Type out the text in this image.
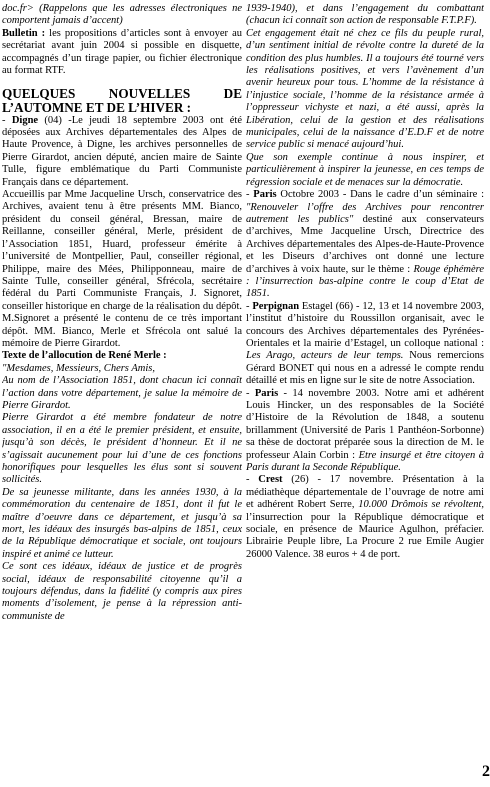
doc.fr> (Rappelons que les adresses électroniques ne comportent jamais d’accent)

Bulletin : les propositions d’articles sont à envoyer au secrétariat avant juin 2004 si possible en disquette, accompagnés d’un tirage papier, ou fichier électronique au format RTF.

QUELQUES NOUVELLES DE L’AUTOMNE ET DE L’HIVER :

- Digne (04) -Le jeudi 18 septembre 2003 ont été déposées aux Archives départementales des Alpes de Haute Provence, à Digne, les archives personnelles de Pierre Girardot, ancien député, ancien maire de Sainte Tulle, figure emblématique du Parti Communiste Français dans ce département.

Accueillis par Mme Jacqueline Ursch, conservatrice des Archives, avaient tenu à être présents MM. Bianco, président du conseil général, Bressan, maire de Reillanne, conseiller général, Merle, président de l’Association 1851, Huard, professeur émérite à l’université de Montpellier, Paul, conseiller régional, Philippe, maire des Mées, Philipponneau, maire de Sainte Tulle, conseiller général, Sfrécola, secrétaire fédéral du Parti Communiste Français, J. Signoret, conseiller historique en charge de la réalisation du dépôt. M.Signoret a présenté le contenu de ce très important dépôt. MM. Bianco, Merle et Sfrécola ont salué la mémoire de Pierre Girardot.

Texte de l’allocution de René Merle :

"Mesdames, Messieurs, Chers Amis,

Au nom de l’Association 1851, dont chacun ici connaît l’action dans votre département, je salue la mémoire de Pierre Girardot.

Pierre Girardot a été membre fondateur de notre association, il en a été le premier président, et ensuite, jusqu’à son décès, le président d’honneur. Et il ne s’agissait aucunement pour lui d’une de ces fonctions honorifiques pour lesquelles les élus sont si souvent sollicités.

De sa jeunesse militante, dans les années 1930, à la commémoration du centenaire de 1851, dont il fut le maître d’oeuvre dans ce département, et jusqu’à sa mort, les idéaux des insurgés bas-alpins de 1851, ceux de la République démocratique et sociale, ont toujours inspiré et animé ce lutteur.

Ce sont ces idéaux, idéaux de justice et de progrès social, idéaux de responsabilité citoyenne qu’il a toujours défendus, dans la fidélité (y compris aux pires moments d’isolement, je pense à la répression anti-communiste de

1939-1940), et dans l’engagement du combattant (chacun ici connaît son action de responsable F.T.P.F).

Cet engagement était né chez ce fils du peuple rural, d’un sentiment initial de révolte contre la dureté de la condition des plus humbles. Il a toujours été tourné vers les réalisations positives, et vers l’avènement d’un avenir heureux pour tous. L’homme de la résistance à l’injustice sociale, l’homme de la résistance armée à l’oppresseur vichyste et nazi, a été aussi, après la Libération, celui de la gestion et des réalisations municipales, celui de la naissance d’E.D.F et de notre service public si menacé aujourd’hui.

Que son exemple continue à nous inspirer, et particulièrement à inspirer la jeunesse, en ces temps de régression sociale et de menaces sur la démocratie.

- Paris Octobre 2003 - Dans le cadre d’un séminaire : "Renouveler l’offre des Archives pour rencontrer autrement les publics" destiné aux conservateurs d’archives, Mme Jacqueline Ursch, Directrice des Archives départementales des Alpes-de-Haute-Provence et les Diseurs d’archives ont donné une lecture d’archives à voix haute, sur le thème : Rouge éphémère : l’insurrection bas-alpine contre le coup d’Etat de 1851.

- Perpignan Estagel (66) - 12, 13 et 14 novembre 2003, l’institut d’histoire du Roussillon organisait, avec le concours des Archives départementales des Pyrénées-Orientales et la mairie d’Estagel, un colloque national : Les Arago, acteurs de leur temps. Nous remercions Gérard BONET qui nous en a adressé le compte rendu détaillé et mis en ligne sur le site de notre Association.

- Paris - 14 novembre 2003. Notre ami et adhérent Louis Hincker, un des responsables de la Société d’Histoire de la Révolution de 1848, a soutenu brillamment (Université de Paris 1 Panthéon-Sorbonne) sa thèse de doctorat préparée sous la direction de M. le professeur Alain Corbin : Etre insurgé et être citoyen à Paris durant la Seconde République.

- Crest (26) - 17 novembre. Présentation à la médiathèque départementale de l’ouvrage de notre ami et adhérent Robert Serre, 10.000 Drômois se révoltent, l’insurrection pour la République démocratique et sociale, en présence de Maurice Agulhon, préfacier. Librairie Peuple libre, La Procure 2 rue Emile Augier 26000 Valence. 38 euros + 4 de port.

2
